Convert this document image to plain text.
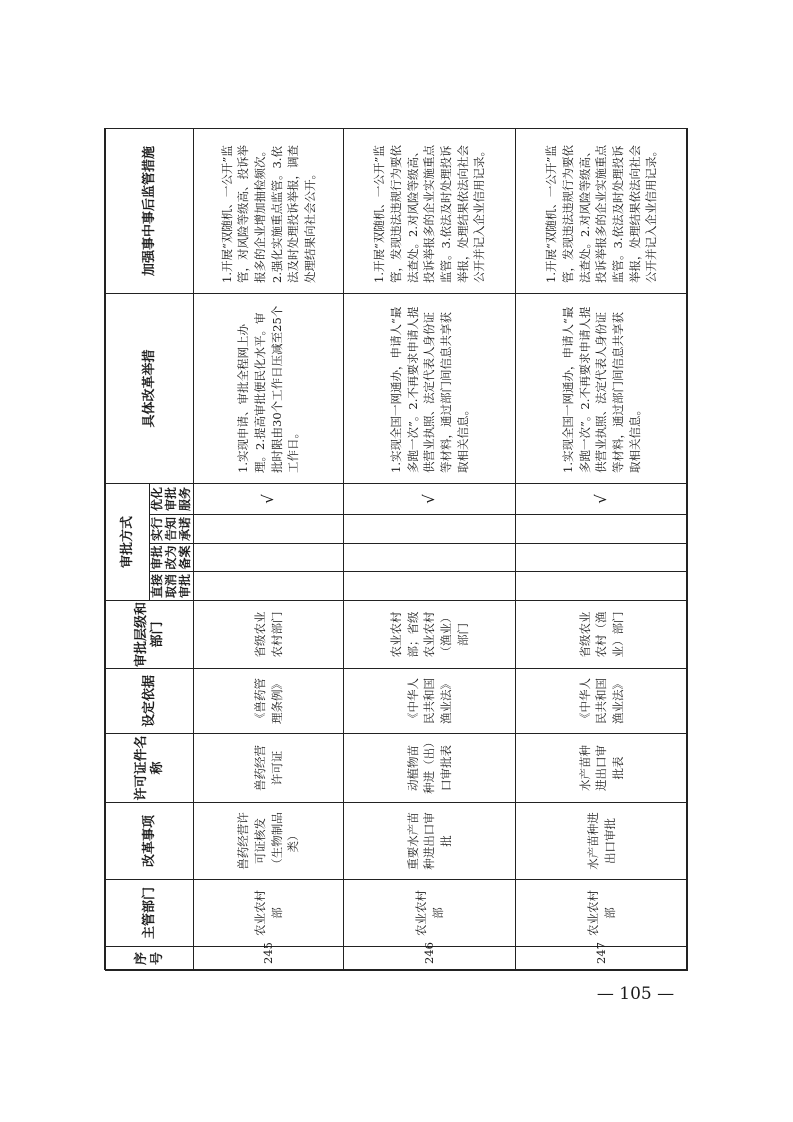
序号	主管部门	改革事项	许可证件名称	设定依据	审批层级和部门	审批方式				具体改革举措	加强事中事后监管措施
						直接取消审批	审批改为备案	实行告知承诺	优化审批服务		
245	农业农村部	兽药经营许可证核发（生物制品类）	兽药经营许可证	《兽药管理条例》	省级农业农村部门				√	1.实现申请、审批全程网上办理。2.提高审批便民化水平。审批时限由30个工作日压减至25个工作日。	1.开展“双随机、一公开”监管，对风险等级高、投诉举报多的企业增加抽检频次。2.强化实施重点监管。3.依法及时处理投诉举报，调查处理结果向社会公开。
246	农业农村部	重要水产苗种进出口审批	动植物苗种进（出）口审批表	《中华人民共和国渔业法》	农业农村部；省级农业农村（渔业）部门				√	1.实现全国一网通办，申请人“最多跑一次”。2.不再要求申请人提供营业执照、法定代表人身份证等材料，通过部门间信息共享获取相关信息。	1.开展“双随机、一公开”监管，发现违法违规行为要依法查处。2.对风险等级高、投诉举报多的企业实施重点监管。3.依法及时处理投诉举报，处理结果依法向社会公开并记入企业信用记录。
247	农业农村部	水产苗种进出口审批	水产苗种进出口审批表	《中华人民共和国渔业法》	省级农业农村（渔业）部门				√	1.实现全国一网通办，申请人“最多跑一次”。2.不再要求申请人提供营业执照、法定代表人身份证等材料，通过部门间信息共享获取相关信息。	1.开展“双随机、一公开”监管，发现违法违规行为要依法查处。2.对风险等级高、投诉举报多的企业实施重点监管。3.依法及时处理投诉举报，处理结果依法向社会公开并记入企业信用记录。
— 105 —
